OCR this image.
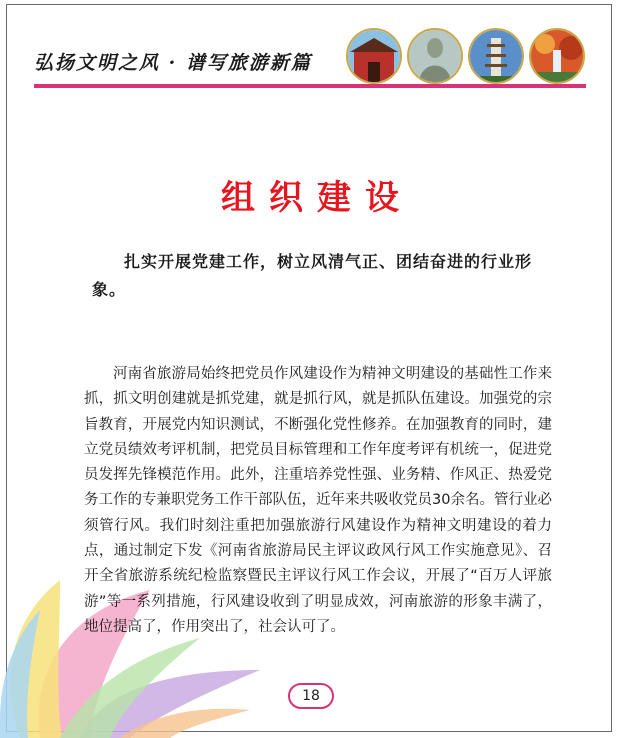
弘扬文明之风 · 谱写旅游新篇
组织建设
扎实开展党建工作，树立风清气正、团结奋进的行业形象。
河南省旅游局始终把党员作风建设作为精神文明建设的基础性工作来抓，抓文明创建就是抓党建，就是抓行风，就是抓队伍建设。加强党的宗旨教育，开展党内知识测试，不断强化党性修养。在加强教育的同时，建立党员绩效考评机制，把党员目标管理和工作年度考评有机统一，促进党员发挥先锋模范作用。此外，注重培养党性强、业务精、作风正、热爱党务工作的专兼职党务工作干部队伍，近年来共吸收党员30余名。管行业必须管行风。我们时刻注重把加强旅游行风建设作为精神文明建设的着力点，通过制定下发《河南省旅游局民主评议政风行风工作实施意见》、召开全省旅游系统纪检监察暨民主评议行风工作会议，开展了“百万人评旅游”等一系列措施，行风建设收到了明显成效，河南旅游的形象丰满了，地位提高了，作用突出了，社会认可了。
18
